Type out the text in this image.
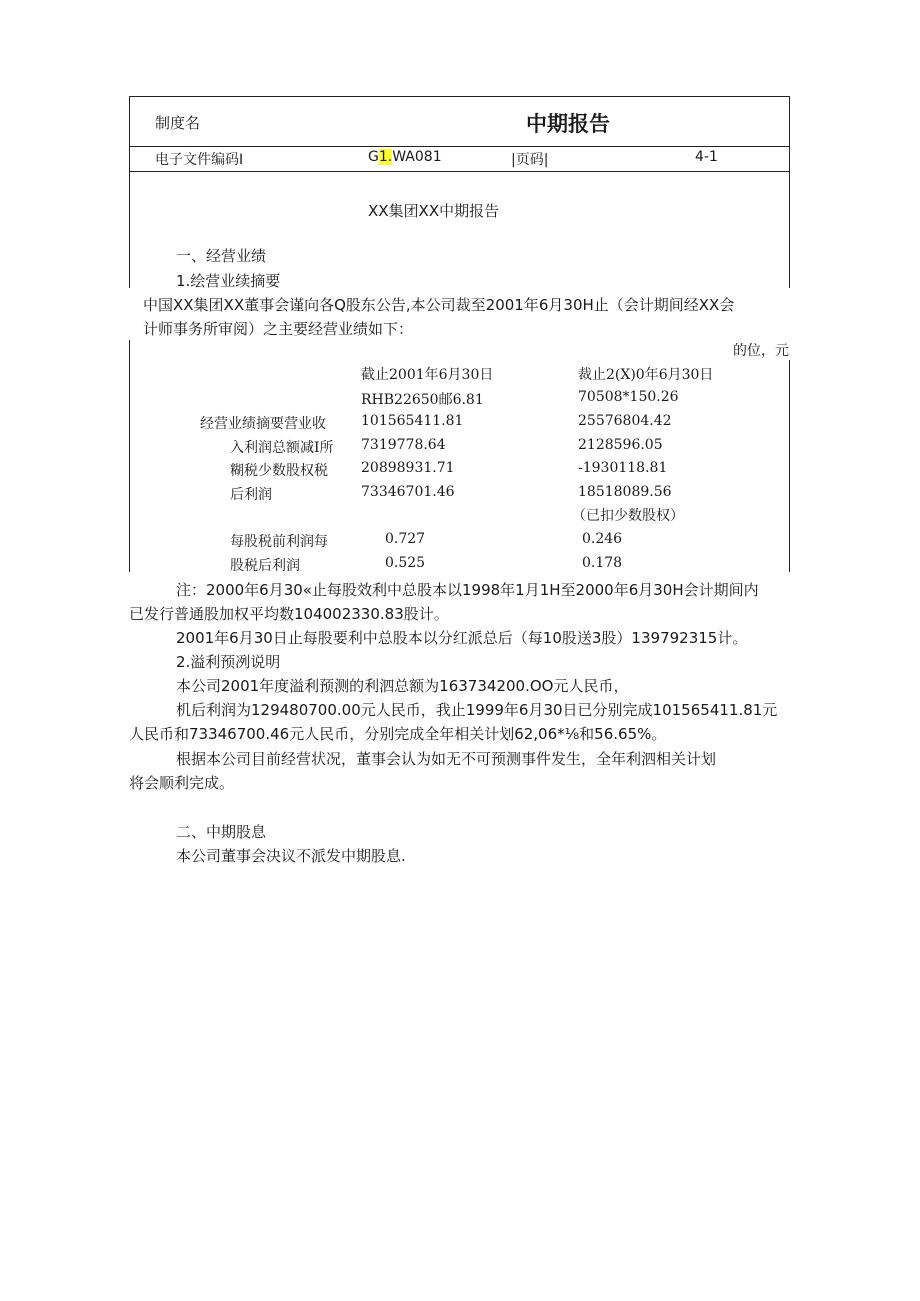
制度名	中期报告
电子文件编码I	G1.WA081	|页码|	4-1
XX集团XX中期报告
一、经营业绩
1.绘营业续摘要
中国XX集团XX董事会谨向各Q股东公告,本公司裁至2001年6月30H止（会计期间经XX会
计师事务所审阅）之主要经营业绩如下：
的位，元
截止2001年6月30日	裁止2(X)0年6月30日
RHB22650邮6.81	70508*150.26
经营业绩摘要营业收	101565411.81	25576804.42
入利润总额减I所 7319778.64	2128596.05
糊税少数股权税 20898931.71	-1930118.81
后利润	73346701.46	18518089.56
（已扣少数股权）
每股税前利润每	0.727	0.246
股税后利润	0.525	0.178
注：2000年6月30«止每股效利中总股本以1998年1月1H至2000年6月30H会计期间内
已发行普通股加权平均数104002330.83股计。
2001年6月30日止每股要利中总股本以分红派总后（每10股送3股）139792315计。
2.溢利预冽说明
本公司2001年度溢利预测的利泗总额为163734200.OO元人民币，
机后利润为129480700.00元人民币，我止1999年6月30日已分别完成101565411.81元
人民币和73346700.46元人民币，分别完成全年相关计划62,06*⅛和56.65%。
根据本公司目前经营状况，董事会认为如无不可预测事件发生，全年利泗相关计划
将会顺利完成。
二、中期股息
本公司董事会决议不派发中期股息.
